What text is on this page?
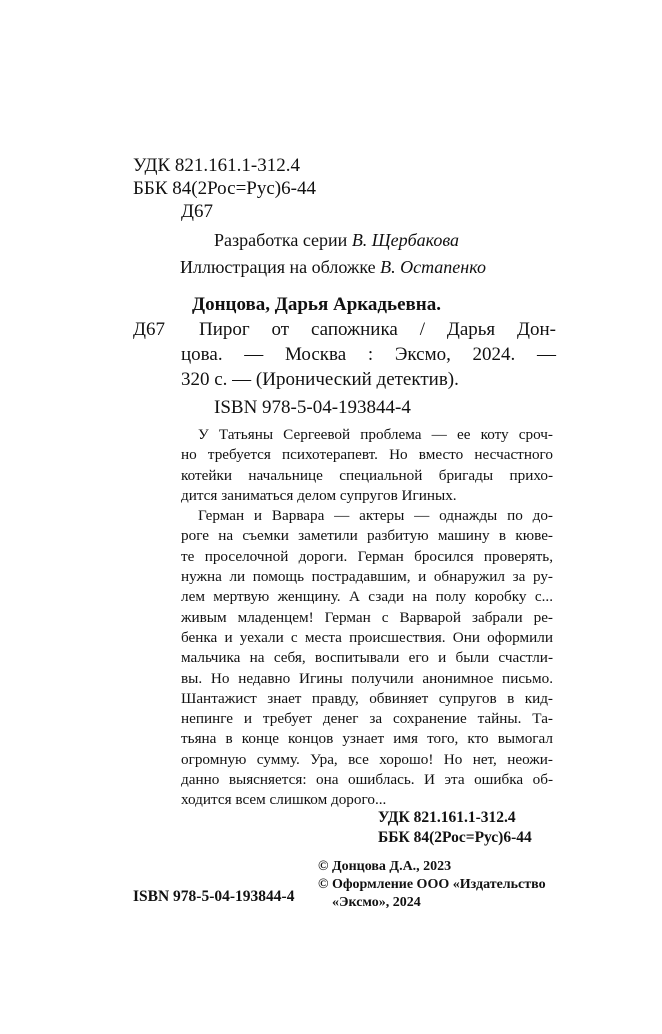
УДК 821.161.1-312.4
ББК 84(2Рос=Рус)6-44
Д67
Разработка серии В. Щербакова
Иллюстрация на обложке В. Остапенко
Донцова, Дарья Аркадьевна.
Д67 Пирог от сапожника / Дарья Дон-
цова. — Москва : Эксмо, 2024. —
320 с. — (Иронический детектив).
ISBN 978-5-04-193844-4
У Татьяны Сергеевой проблема — ее коту сроч-
но требуется психотерапевт. Но вместо несчастного
котейки начальнице специальной бригады прихо-
дится заниматься делом супругов Игиных.
Герман и Варвара — актеры — однажды по до-
роге на съемки заметили разбитую машину в кюве-
те проселочной дороги. Герман бросился проверять,
нужна ли помощь пострадавшим, и обнаружил за ру-
лем мертвую женщину. А сзади на полу коробку с...
живым младенцем! Герман с Варварой забрали ре-
бенка и уехали с места происшествия. Они оформили
мальчика на себя, воспитывали его и были счастли-
вы. Но недавно Игины получили анонимное письмо.
Шантажист знает правду, обвиняет супругов в кид-
непинге и требует денег за сохранение тайны. Та-
тьяна в конце концов узнает имя того, кто вымогал
огромную сумму. Ура, все хорошо! Но нет, неожи-
данно выясняется: она ошиблась. И эта ошибка об-
ходится всем слишком дорого...
УДК 821.161.1-312.4
ББК 84(2Рос=Рус)6-44
© Донцова Д.А., 2023
© Оформление ООО «Издательство
«Эксмо», 2024
ISBN 978-5-04-193844-4
